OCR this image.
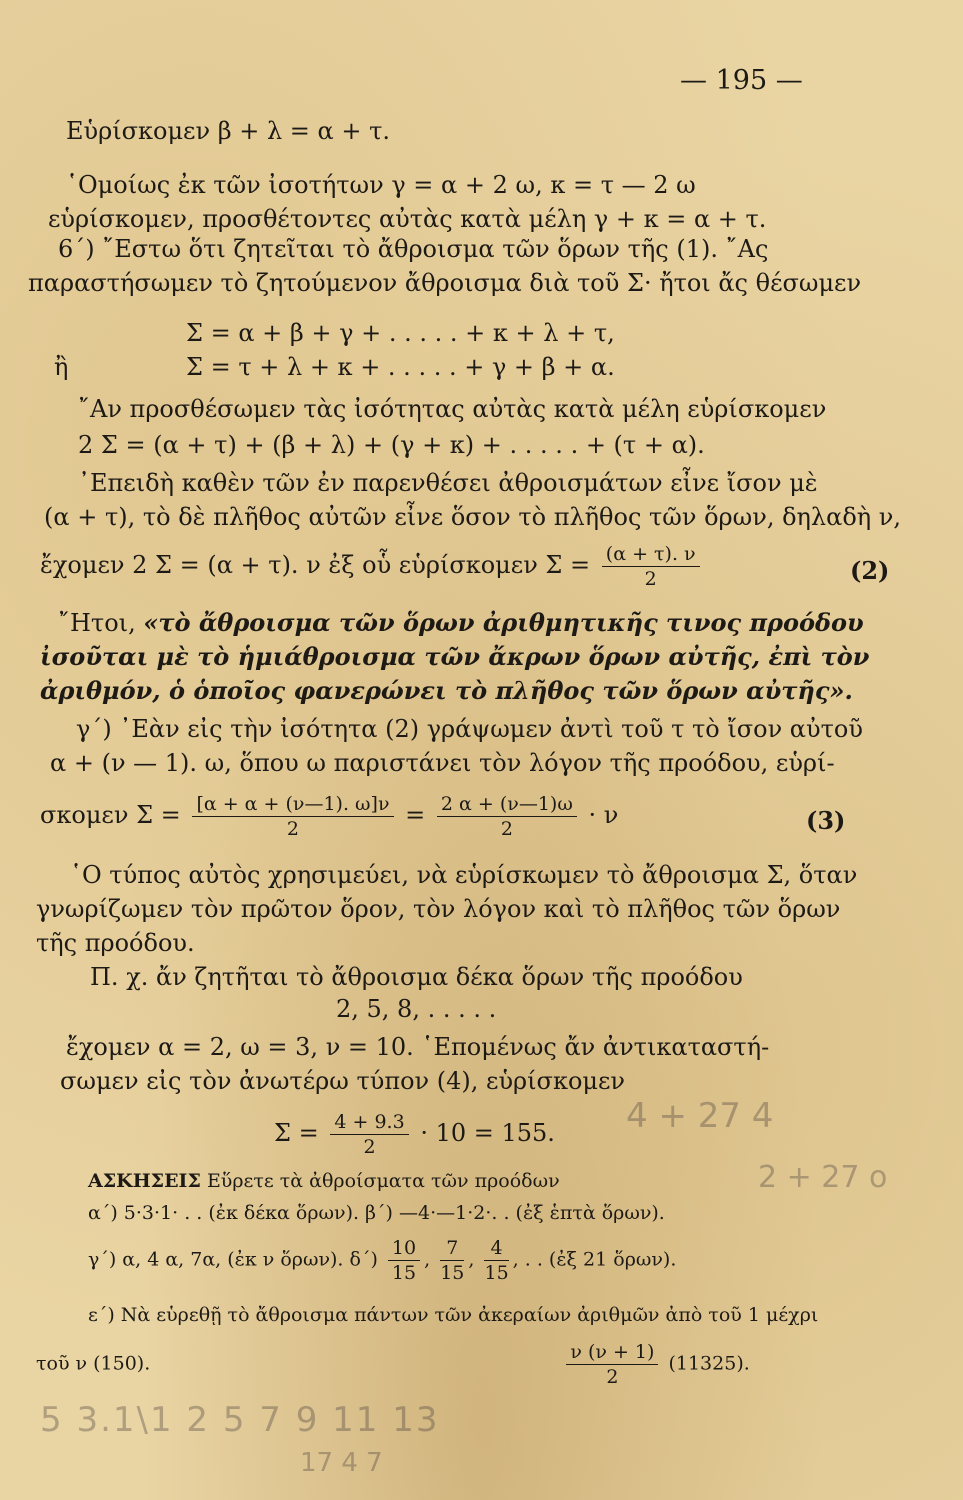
— 195 —
Εὑρίσκομεν β + λ = α + τ.
῾Ομοίως ἐκ τῶν ἰσοτήτων γ = α + 2 ω, κ = τ — 2 ω
εὑρίσκομεν, προσθέτοντες αὐτὰς κατὰ μέλη γ + κ = α + τ.
6΄) ῎Εστω ὅτι ζητεῖται τὸ ἄθροισμα τῶν ὅρων τῆς (1). ῎Ας
παραστήσωμεν τὸ ζητούμενον ἄθροισμα διὰ τοῦ Σ· ἤτοι ἄς θέσωμεν
Σ = α + β + γ + . . . . . + κ + λ + τ,
ἢ	Σ = τ + λ + κ + . . . . . + γ + β + α.
῎Αν προσθέσωμεν τὰς ἰσότητας αὐτὰς κατὰ μέλη εὑρίσκομεν
2 Σ = (α + τ) + (β + λ) + (γ + κ) + . . . . . + (τ + α).
᾽Επειδὴ καθὲν τῶν ἐν παρενθέσει ἀθροισμάτων εἶνε ἴσον μὲ
(α + τ), τὸ δὲ πλῆθος αὐτῶν εἶνε ὅσον τὸ πλῆθος τῶν ὅρων, δηλαδὴ ν,
ἔχομεν 2 Σ = (α + τ). ν ἐξ οὗ εὑρίσκομεν $\Sigma = \frac{(\alpha + \tau). \nu}{2}$	(2)
῎Ητοι, «τὸ ἄθροισμα τῶν ὅρων ἀριθμητικῆς τινος προόδου
ἰσοῦται μὲ τὸ ἡμιάθροισμα τῶν ἄκρων ὅρων αὐτῆς, ἐπὶ τὸν
ἀριθμόν, ὁ ὁποῖος φανερώνει τὸ πλῆθος τῶν ὅρων αὐτῆς».
γ΄) ᾽Εὰν εἰς τὴν ἰσότητα (2) γράψωμεν ἀντὶ τοῦ τ τὸ ἴσον αὐτοῦ
α + (ν — 1). ω, ὅπου ω παριστάνει τὸν λόγον τῆς προόδου, εὑρί-
σκομεν $\Sigma = \frac{[\alpha + \alpha + (\nu—1). \omega]\nu}{2} = \frac{2 \alpha + (\nu—1)\omega}{2} \cdot \nu$	(3)
῾Ο τύπος αὐτὸς χρησιμεύει, νὰ εὑρίσκωμεν τὸ ἄθροισμα Σ, ὅταν
γνωρίζωμεν τὸν πρῶτον ὅρον, τὸν λόγον καὶ τὸ πλῆθος τῶν ὅρων
τῆς προόδου.
Π. χ. ἄν ζητῆται τὸ ἄθροισμα δέκα ὅρων τῆς προόδου
2, 5, 8, . . . . .
ἔχομεν α = 2, ω = 3, ν = 10. ῾Επομένως ἄν ἀντικαταστή-
σωμεν εἰς τὸν ἀνωτέρω τύπον (4), εὑρίσκομεν
$\Sigma = \frac{4 + 9.3}{2} \cdot 10 = 155$.
ΑΣΚΗΣΕΙΣ Εὕρετε τὰ ἀθροίσματα τῶν προόδων
α΄) 5·3·1· . . (ἐκ δέκα ὅρων). β΄) —4·—1·2·. . (ἐξ ἑπτὰ ὅρων).
γ΄) α, 4 α, 7α, (ἐκ ν ὅρων). $\delta΄) \frac{10}{15}$ , $\frac{7}{15}$ , $\frac{4}{15}$ , . . (ἐξ 21 ὅρων).
ε΄) Νὰ εὑρεθῇ τὸ ἄθροισμα πάντων τῶν ἀκεραίων ἀριθμῶν ἀπὸ τοῦ 1 μέχρι
τοῦ ν (150).	$\frac{\nu (\nu + 1)}{2} (11325)$.
4 + 27 4
2 + 27 o
5 3.1\1 2 5 7 9 11 13
17 4 7
